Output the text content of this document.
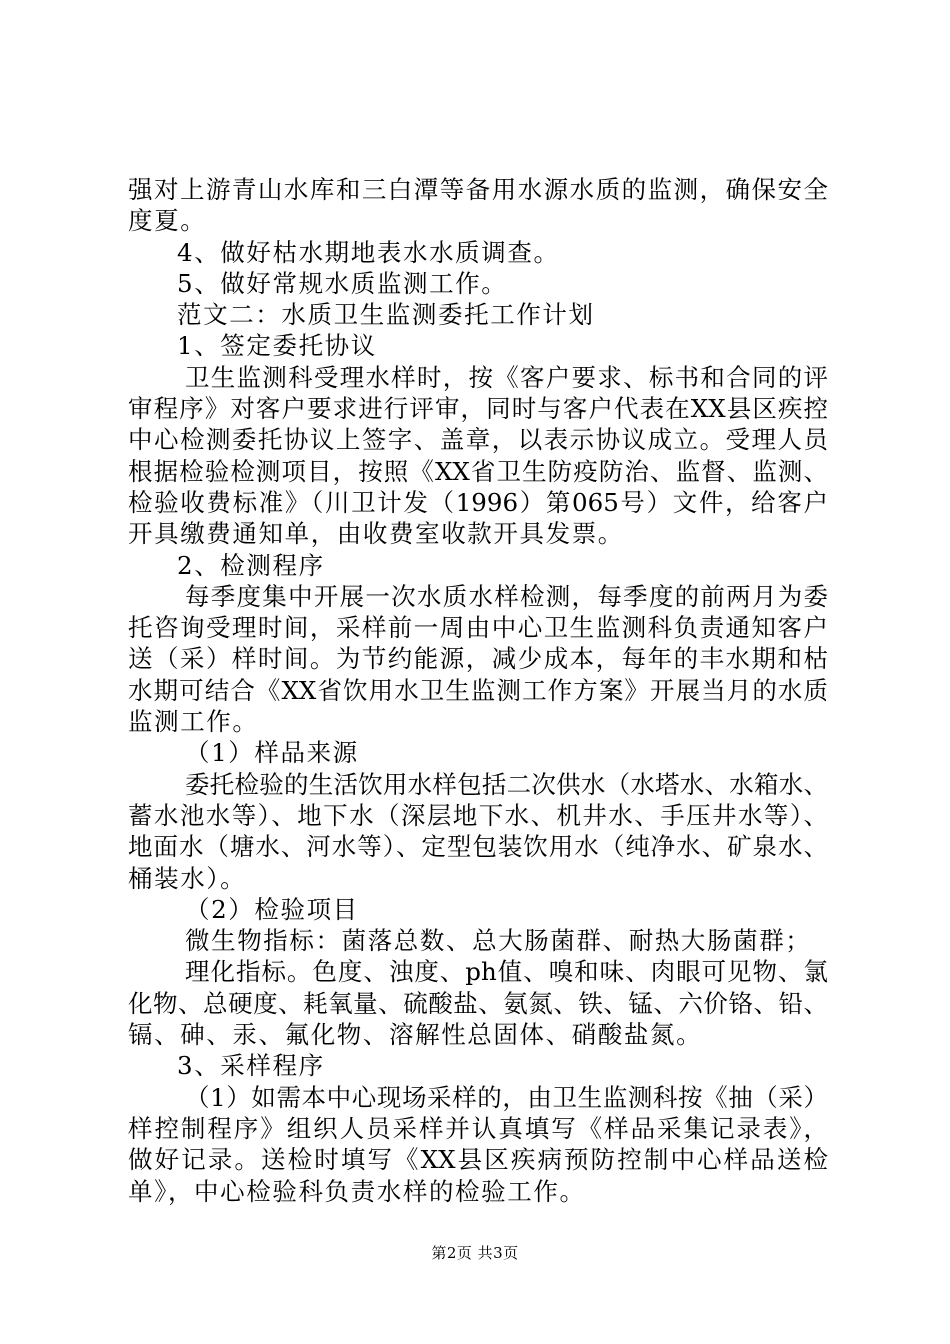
强对上游青山水库和三白潭等备用水源水质的监测，确保安全
度夏。
4、做好枯水期地表水水质调查。
5、做好常规水质监测工作。
范文二：水质卫生监测委托工作计划
1、签定委托协议
卫生监测科受理水样时，按《客户要求、标书和合同的评
审程序》对客户要求进行评审，同时与客户代表在XX县区疾控
中心检测委托协议上签字、盖章，以表示协议成立。受理人员
根据检验检测项目，按照《XX省卫生防疫防治、监督、监测、
检验收费标准》（川卫计发（1996）第065号）文件，给客户
开具缴费通知单，由收费室收款开具发票。
2、检测程序
每季度集中开展一次水质水样检测，每季度的前两月为委
托咨询受理时间，采样前一周由中心卫生监测科负责通知客户
送（采）样时间。为节约能源，减少成本，每年的丰水期和枯
水期可结合《XX省饮用水卫生监测工作方案》开展当月的水质
监测工作。
（1）样品来源
委托检验的生活饮用水样包括二次供水（水塔水、水箱水、
蓄水池水等）、地下水（深层地下水、机井水、手压井水等）、
地面水（塘水、河水等）、定型包装饮用水（纯净水、矿泉水、
桶装水）。
（2）检验项目
微生物指标：菌落总数、总大肠菌群、耐热大肠菌群；
理化指标。色度、浊度、ph值、嗅和味、肉眼可见物、氯
化物、总硬度、耗氧量、硫酸盐、氨氮、铁、锰、六价铬、铅、
镉、砷、汞、氟化物、溶解性总固体、硝酸盐氮。
3、采样程序
（1）如需本中心现场采样的，由卫生监测科按《抽（采）
样控制程序》组织人员采样并认真填写《样品采集记录表》，
做好记录。送检时填写《XX县区疾病预防控制中心样品送检
单》，中心检验科负责水样的检验工作。
第2页 共3页
